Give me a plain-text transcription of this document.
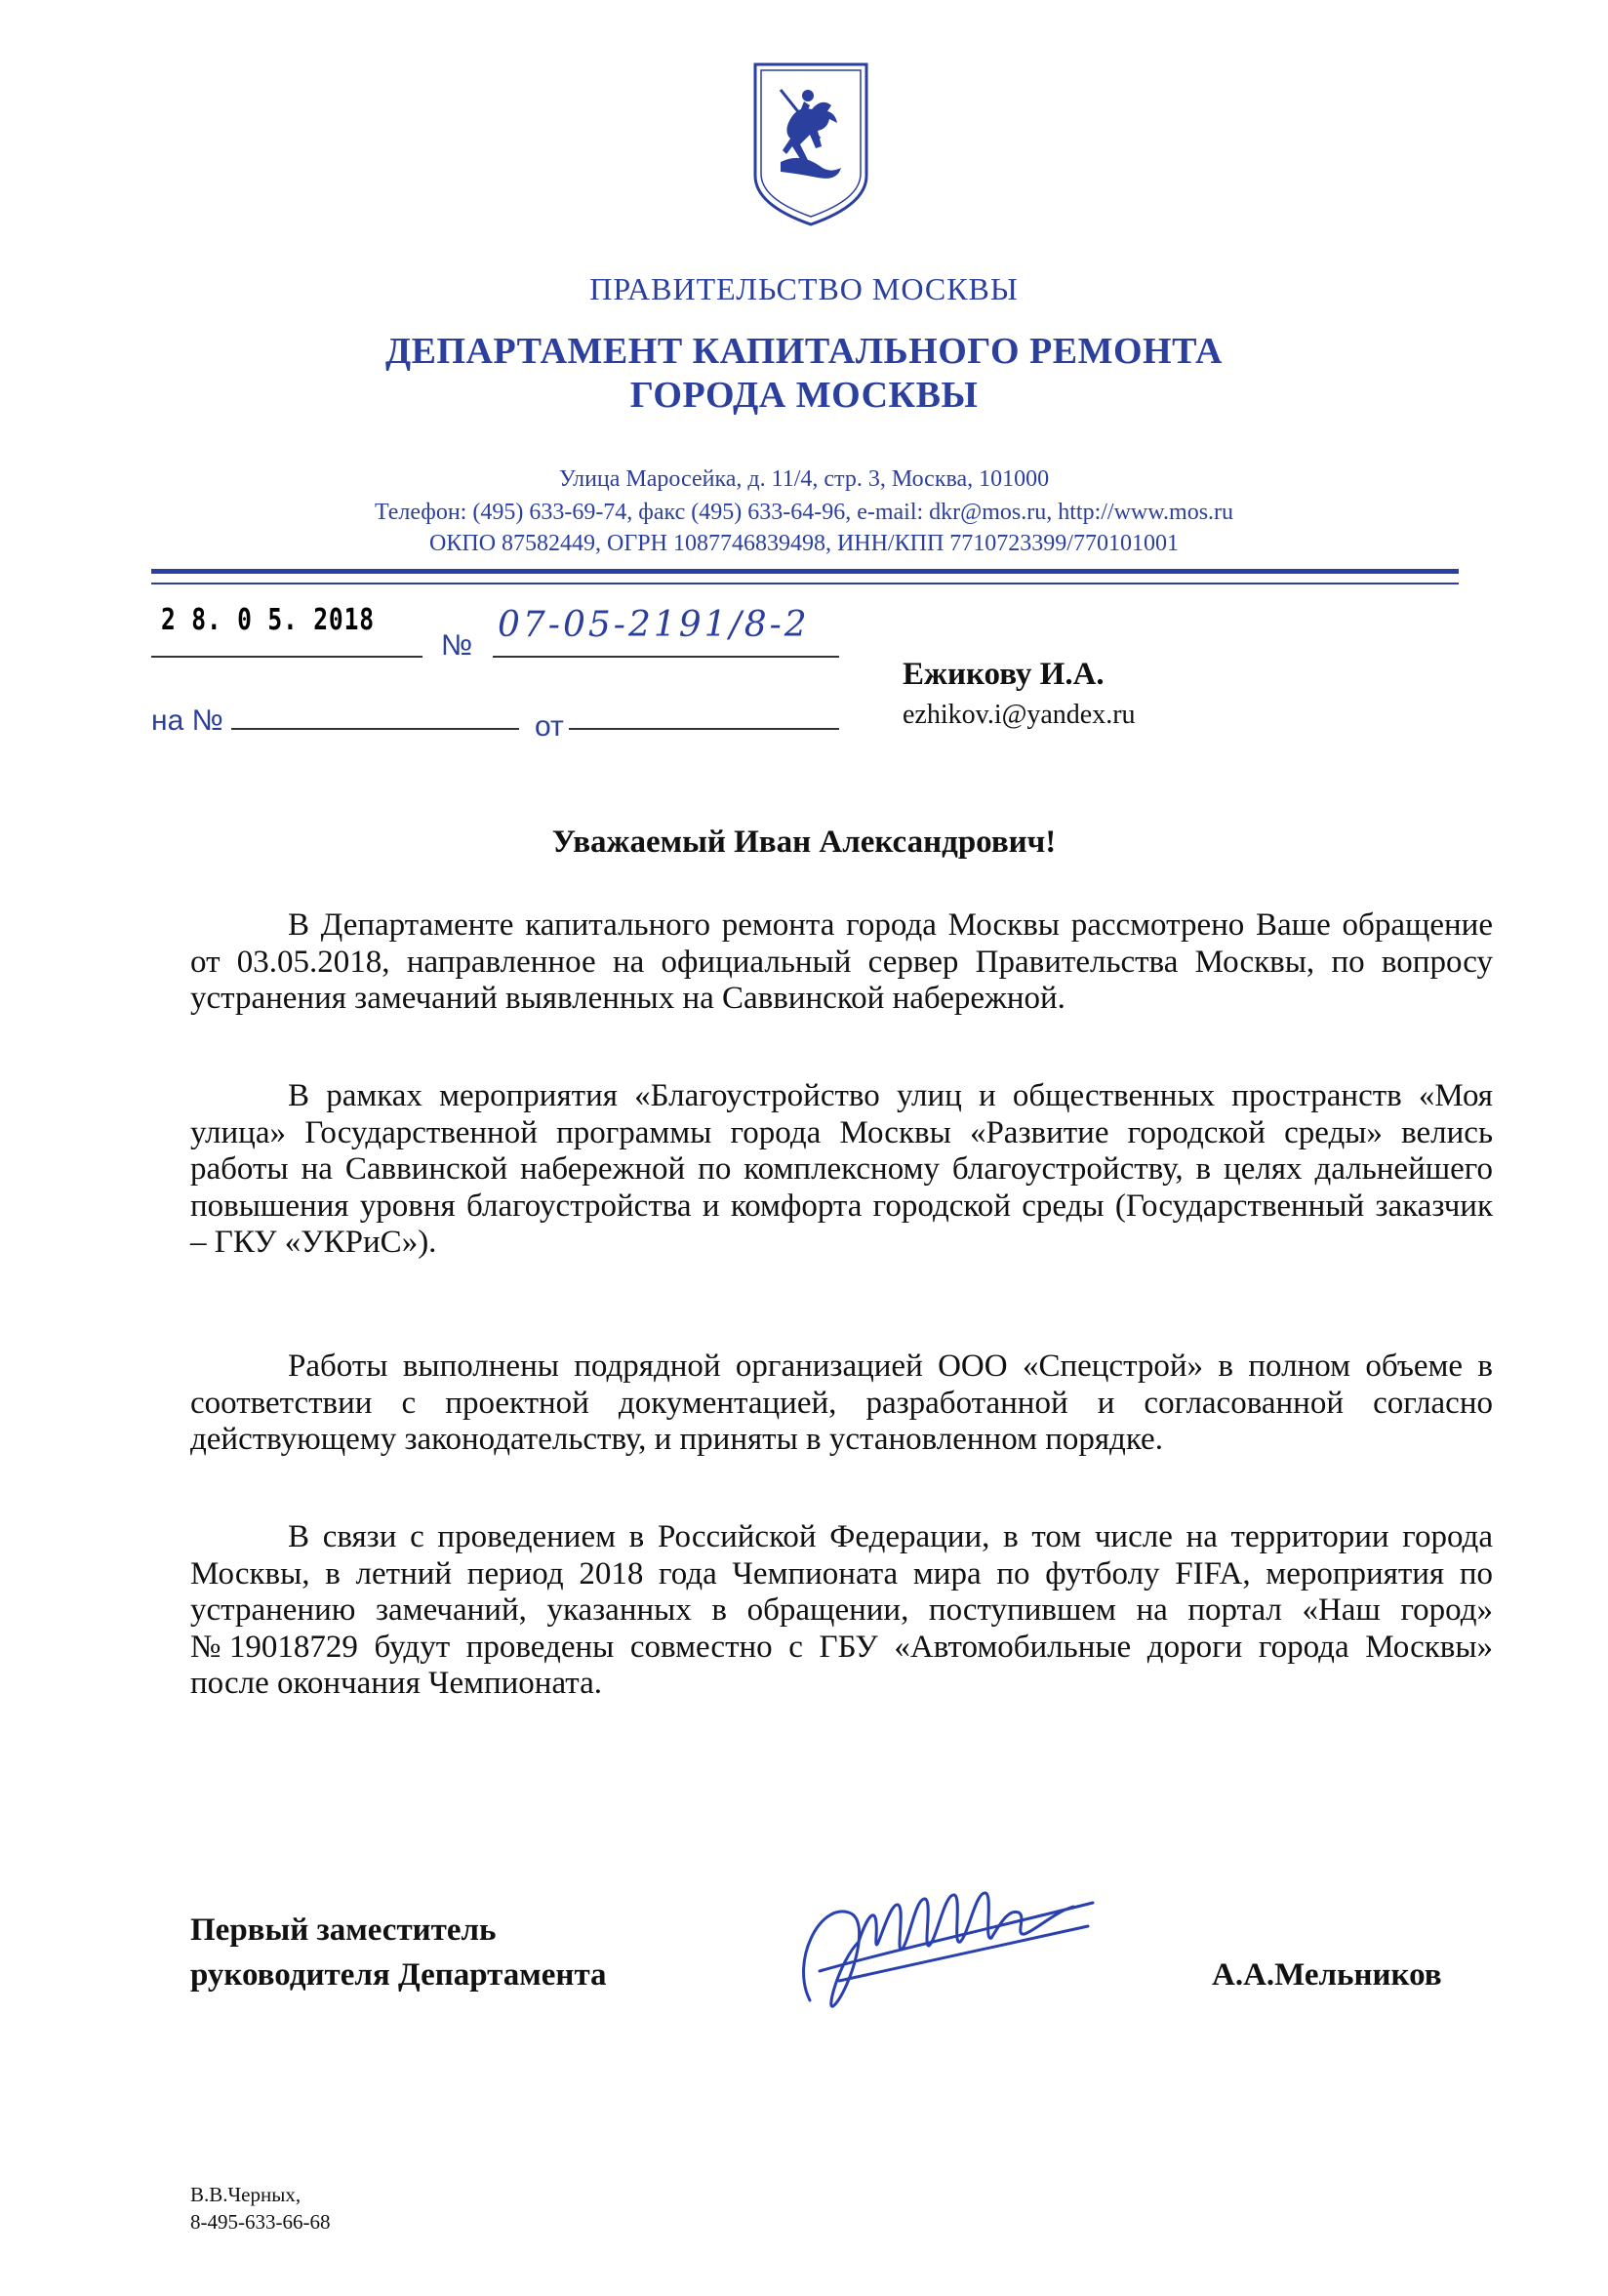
ПРАВИТЕЛЬСТВО МОСКВЫ
ДЕПАРТАМЕНТ КАПИТАЛЬНОГО РЕМОНТА
ГОРОДА МОСКВЫ
Улица Маросейка, д. 11/4, стр. 3, Москва, 101000
Телефон: (495) 633-69-74, факс (495) 633-64-96, e-mail: dkr@mos.ru, http://www.mos.ru
ОКПО 87582449, ОГРН 1087746839498, ИНН/КПП 7710723399/770101001
2 8. 0 5. 2018
№
07-05-2191/8-2
на №	от
Ежикову И.А.
ezhikov.i@yandex.ru
Уважаемый Иван Александрович!

В Департаменте капитального ремонта города Москвы рассмотрено Ваше обращение от 03.05.2018, направленное на официальный сервер Правительства Москвы, по вопросу устранения замечаний выявленных на Саввинской набережной.

В рамках мероприятия «Благоустройство улиц и общественных пространств «Моя улица» Государственной программы города Москвы «Развитие городской среды» велись работы на Саввинской набережной по комплексному благоустройству, в целях дальнейшего повышения уровня благоустройства и комфорта городской среды (Государственный заказчик – ГКУ «УКРиС»).

Работы выполнены подрядной организацией ООО «Спецстрой» в полном объеме в соответствии с проектной документацией, разработанной и согласованной согласно действующему законодательству, и приняты в установленном порядке.

В связи с проведением в Российской Федерации, в том числе на территории города Москвы, в летний период 2018 года Чемпионата мира по футболу FIFA, мероприятия по устранению замечаний, указанных в обращении, поступившем на портал «Наш город» №19018729 будут проведены совместно с ГБУ «Автомобильные дороги города Москвы» после окончания Чемпионата.

Первый заместитель
руководителя Департамента	А.А.Мельников
В.В.Черных,
8-495-633-66-68
